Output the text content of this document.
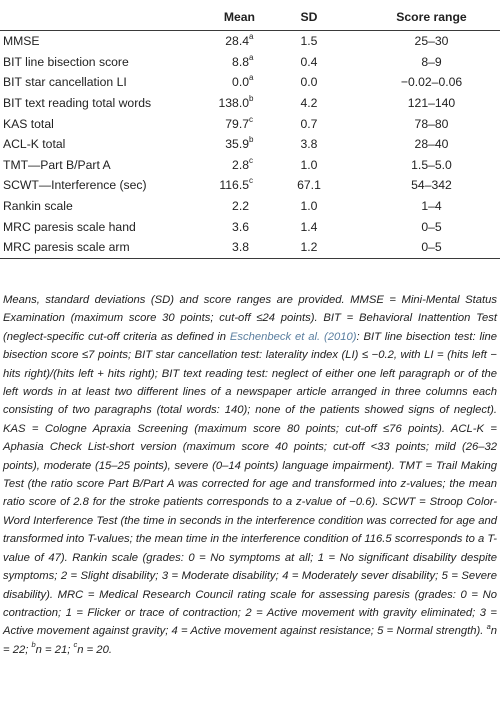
	Mean	SD	Score range
MMSE	28.4$^a$	1.5	25–30
BIT line bisection score	8.8$^a$	0.4	8–9
BIT star cancellation LI	0.0$^a$	0.0	−0.02–0.06
BIT text reading total words	138.0$^b$	4.2	121–140
KAS total	79.7$^c$	0.7	78–80
ACL-K total	35.9$^b$	3.8	28–40
TMT—Part B/Part A	2.8$^c$	1.0	1.5–5.0
SCWT—Interference (sec)	116.5$^c$	67.1	54–342
Rankin scale	2.2	1.0	1–4
MRC paresis scale hand	3.6	1.4	0–5
MRC paresis scale arm	3.8	1.2	0–5
Means, standard deviations (SD) and score ranges are provided. MMSE = Mini-Mental Status Examination (maximum score 30 points; cut-off ≤24 points). BIT = Behavioral Inattention Test (neglect-specific cut-off criteria as defined in Eschenbeck et al. (2010): BIT line bisection test: line bisection score ≤7 points; BIT star cancellation test: laterality index (LI) ≤ −0.2, with LI = (hits left − hits right)/(hits left + hits right); BIT text reading test: neglect of either one left paragraph or of the left words in at least two different lines of a newspaper article arranged in three columns each consisting of two paragraphs (total words: 140); none of the patients showed signs of neglect). KAS = Cologne Apraxia Screening (maximum score 80 points; cut-off ≤76 points). ACL-K = Aphasia Check List-short version (maximum score 40 points; cut-off <33 points; mild (26–32 points), moderate (15–25 points), severe (0–14 points) language impairment). TMT = Trail Making Test (the ratio score Part B/Part A was corrected for age and transformed into z-values; the mean ratio score of 2.8 for the stroke patients corresponds to a z-value of −0.6). SCWT = Stroop Color-Word Interference Test (the time in seconds in the interference condition was corrected for age and transformed into T-values; the mean time in the interference condition of 116.5 scorresponds to a T-value of 47). Rankin scale (grades: 0 = No symptoms at all; 1 = No significant disability despite symptoms; 2 = Slight disability; 3 = Moderate disability; 4 = Moderately sever disability; 5 = Severe disability). MRC = Medical Research Council rating scale for assessing paresis (grades: 0 = No contraction; 1 = Flicker or trace of contraction; 2 = Active movement with gravity eliminated; 3 = Active movement against gravity; 4 = Active movement against resistance; 5 = Normal strength). $^a$n = 22; $^b$n = 21; $^c$n = 20.
